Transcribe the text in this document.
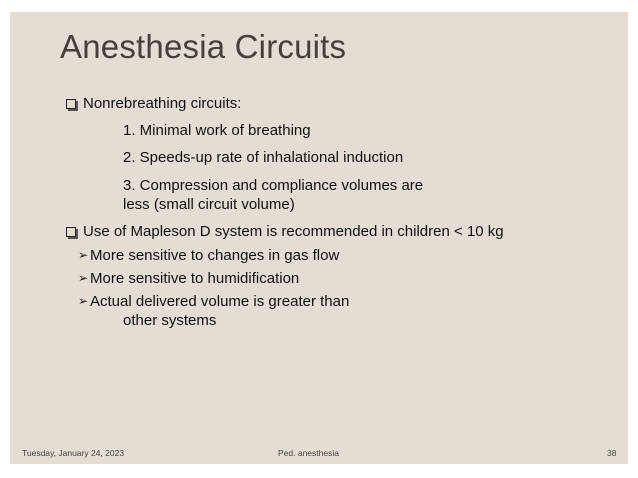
Anesthesia Circuits
Nonrebreathing circuits:
1. Minimal work of breathing
2. Speeds-up rate of inhalational induction
3. Compression and compliance volumes are
less (small circuit volume)
Use of Mapleson D system is recommended in children < 10 kg
➢ More sensitive to changes in gas flow
➢ More sensitive to humidification
➢ Actual delivered volume is greater than
other systems
Tuesday, January 24, 2023	Ped. anesthesia	38
